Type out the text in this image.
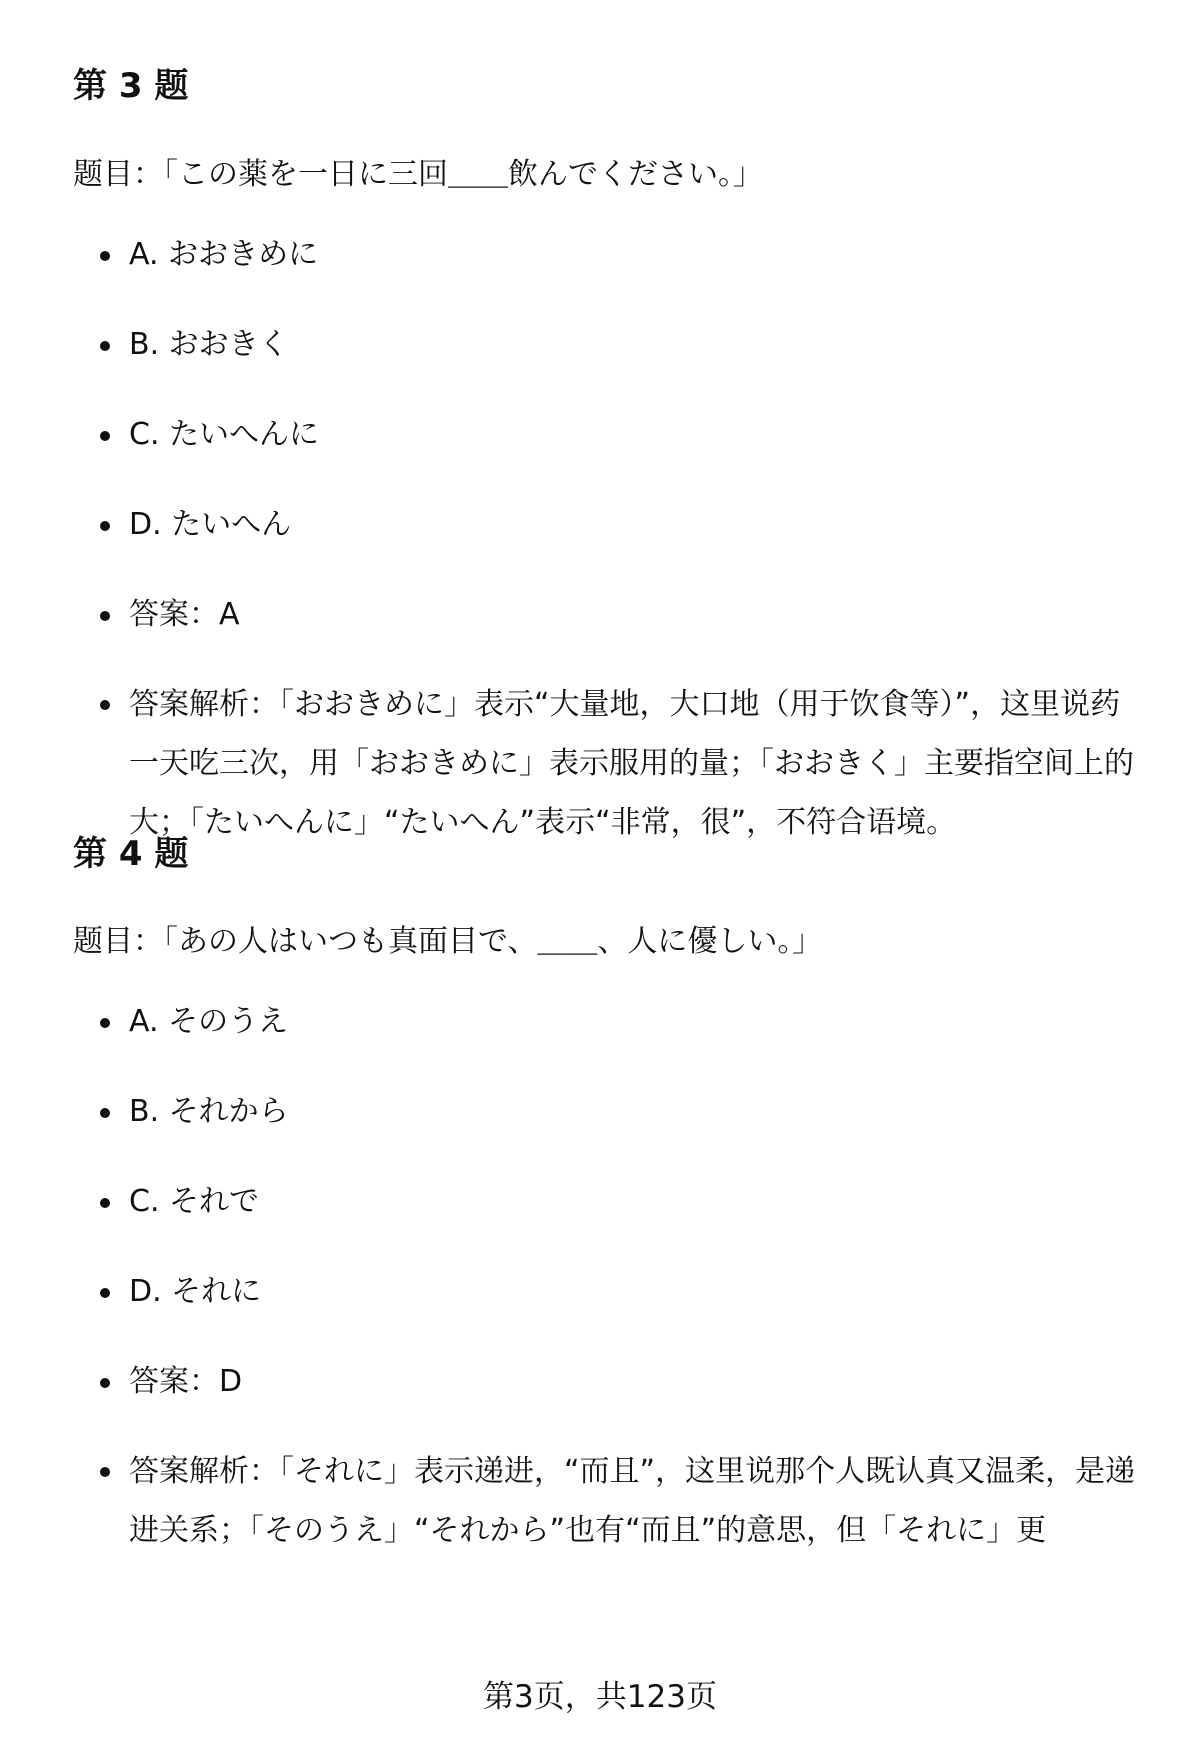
第 3 题

题目：「この薬を一日に三回＿＿飲んでください。」

A. おおきめに
B. おおきく
C. たいへんに
D. たいへん
答案：A
答案解析：「おおきめに」表示“大量地，大口地（用于饮食等）”，这里说药一天吃三次，用「おおきめに」表示服用的量；「おおきく」主要指空间上的大；「たいへんに」“たいへん”表示“非常，很”，不符合语境。
第 4 题

题目：「あの人はいつも真面目で、＿＿、人に優しい。」

A. そのうえ
B. それから
C. それで
D. それに
答案：D
答案解析：「それに」表示递进，“而且”，这里说那个人既认真又温柔，是递进关系；「そのうえ」“それから”也有“而且”的意思，但「それに」更
第3页，共123页
